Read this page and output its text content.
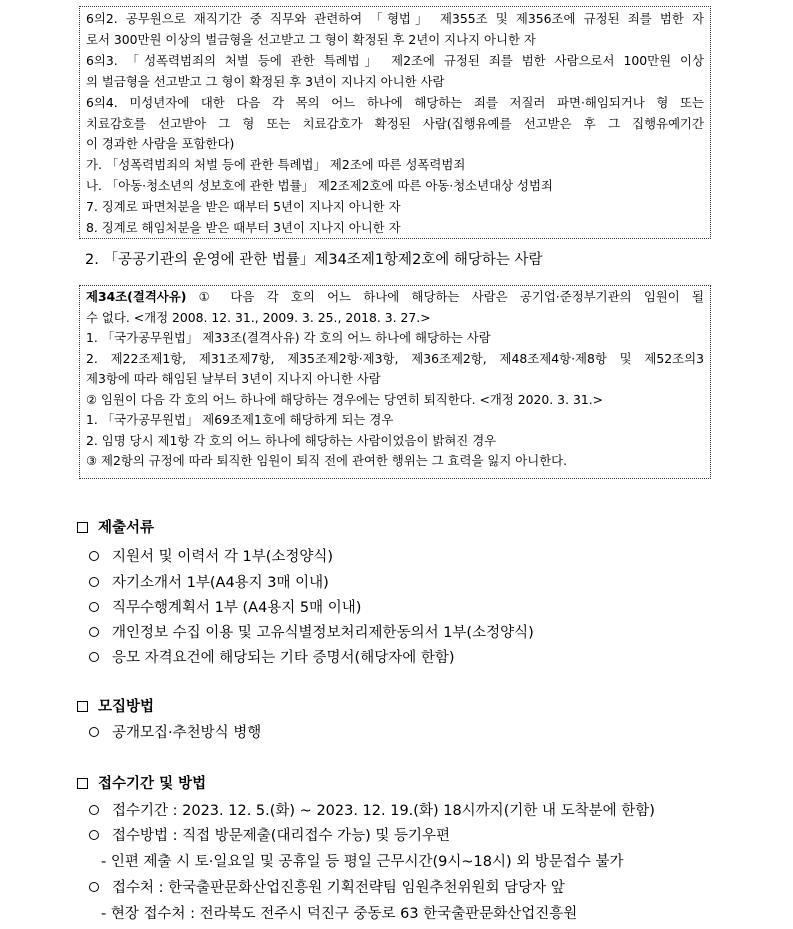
6의2. 공무원으로 재직기간 중 직무와 관련하여 「형법」 제355조 및 제356조에 규정된 죄를 범한 자
로서 300만원 이상의 벌금형을 선고받고 그 형이 확정된 후 2년이 지나지 아니한 자
6의3. 「성폭력범죄의 처벌 등에 관한 특례법」 제2조에 규정된 죄를 범한 사람으로서 100만원 이상
의 벌금형을 선고받고 그 형이 확정된 후 3년이 지나지 아니한 사람
6의4. 미성년자에 대한 다음 각 목의 어느 하나에 해당하는 죄를 저질러 파면·해임되거나 형 또는
치료감호를 선고받아 그 형 또는 치료감호가 확정된 사람(집행유예를 선고받은 후 그 집행유예기간
이 경과한 사람을 포함한다)
가. 「성폭력범죄의 처벌 등에 관한 특례법」 제2조에 따른 성폭력범죄
나. 「아동·청소년의 성보호에 관한 법률」 제2조제2호에 따른 아동·청소년대상 성범죄
7. 징계로 파면처분을 받은 때부터 5년이 지나지 아니한 자
8. 징계로 해임처분을 받은 때부터 3년이 지나지 아니한 자
2. 「공공기관의 운영에 관한 법률」제34조제1항제2호에 해당하는 사람
제34조(결격사유) ① 다음 각 호의 어느 하나에 해당하는 사람은 공기업·준정부기관의 임원이 될
수 없다. <개정 2008. 12. 31., 2009. 3. 25., 2018. 3. 27.>
1. 「국가공무원법」 제33조(결격사유) 각 호의 어느 하나에 해당하는 사람
2. 제22조제1항, 제31조제7항, 제35조제2항·제3항, 제36조제2항, 제48조제4항·제8항 및 제52조의3
제3항에 따라 해임된 날부터 3년이 지나지 아니한 사람
② 임원이 다음 각 호의 어느 하나에 해당하는 경우에는 당연히 퇴직한다. <개정 2020. 3. 31.>
1. 「국가공무원법」 제69조제1호에 해당하게 되는 경우
2. 임명 당시 제1항 각 호의 어느 하나에 해당하는 사람이었음이 밝혀진 경우
③ 제2항의 규정에 따라 퇴직한 임원이 퇴직 전에 관여한 행위는 그 효력을 잃지 아니한다.
제출서류
지원서 및 이력서 각 1부(소정양식)
자기소개서 1부(A4용지 3매 이내)
직무수행계획서 1부 (A4용지 5매 이내)
개인정보 수집 이용 및 고유식별정보처리제한동의서 1부(소정양식)
응모 자격요건에 해당되는 기타 증명서(해당자에 한함)
모집방법
공개모집·추천방식 병행
접수기간 및 방법
접수기간 : 2023. 12. 5.(화) ~ 2023. 12. 19.(화) 18시까지(기한 내 도착분에 한함)
접수방법 : 직접 방문제출(대리접수 가능) 및 등기우편
- 인편 제출 시 토·일요일 및 공휴일 등 평일 근무시간(9시~18시) 외 방문접수 불가
접수처 : 한국출판문화산업진흥원 기획전략팀 임원추천위원회 담당자 앞
- 현장 접수처 : 전라북도 전주시 덕진구 중동로 63 한국출판문화산업진흥원
